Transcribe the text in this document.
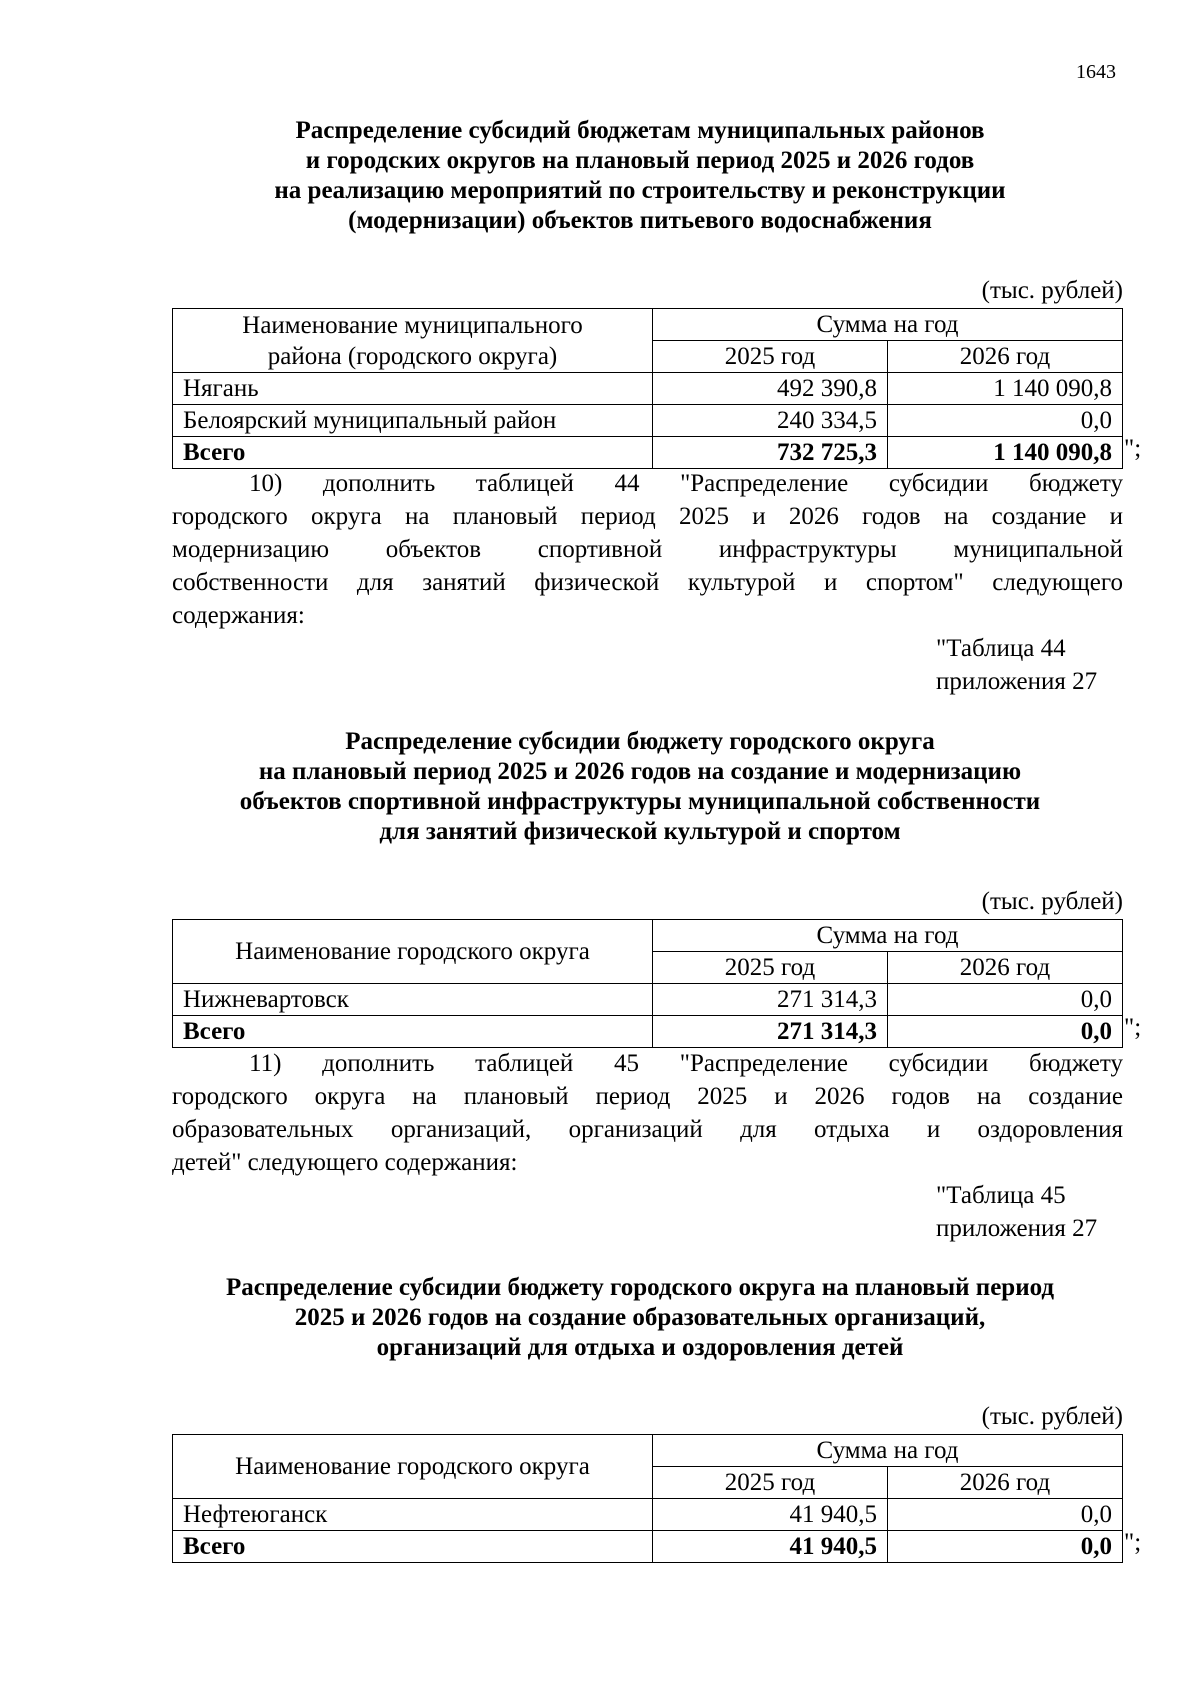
1643
Распределение субсидий бюджетам муниципальных районов
и городских округов на плановый период 2025 и 2026 годов
на реализацию мероприятий по строительству и реконструкции
(модернизации) объектов питьевого водоснабжения
(тыс. рублей)
Наименование муниципального
района (городского округа)	Сумма на год	
	2025 год	2026 год
Нягань	492 390,8	1 140 090,8
Белоярский муниципальный район	240 334,5	0,0
Всего	732 725,3	1 140 090,8 ";
10) дополнить таблицей 44 "Распределение субсидии бюджету
городского округа на плановый период 2025 и 2026 годов на создание и
модернизацию объектов спортивной инфраструктуры муниципальной
собственности для занятий физической культурой и спортом" следующего
содержания:
"Таблица 44
приложения 27
Распределение субсидии бюджету городского округа
на плановый период 2025 и 2026 годов на создание и модернизацию
объектов спортивной инфраструктуры муниципальной собственности
для занятий физической культурой и спортом
(тыс. рублей)
Наименование городского округа	Сумма на год	
	2025 год	2026 год
Нижневартовск	271 314,3	0,0
Всего	271 314,3	0,0 ";
11) дополнить таблицей 45 "Распределение субсидии бюджету
городского округа на плановый период 2025 и 2026 годов на создание
образовательных организаций, организаций для отдыха и оздоровления
детей" следующего содержания:
"Таблица 45
приложения 27
Распределение субсидии бюджету городского округа на плановый период
2025 и 2026 годов на создание образовательных организаций,
организаций для отдыха и оздоровления детей
(тыс. рублей)
Наименование городского округа	Сумма на год	
	2025 год	2026 год
Нефтеюганск	41 940,5	0,0
Всего	41 940,5	0,0 ";
